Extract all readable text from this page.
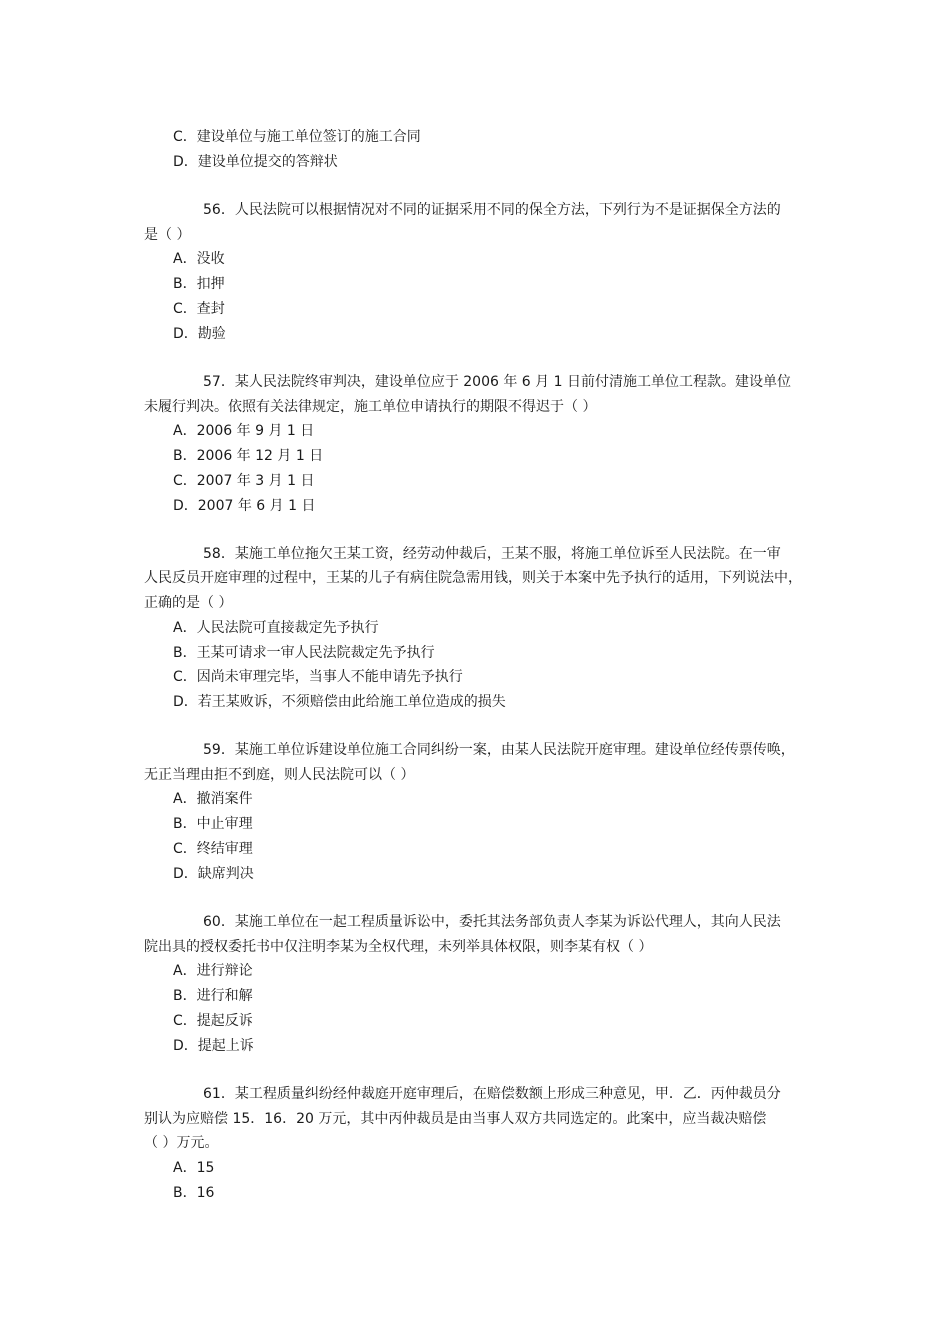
C．建设单位与施工单位签订的施工合同
D．建设单位提交的答辩状
56．人民法院可以根据情况对不同的证据采用不同的保全方法，下列行为不是证据保全方法的
是（ ）
A．没收
B．扣押
C．查封
D．勘验
57．某人民法院终审判决，建设单位应于 2006 年 6 月 1 日前付清施工单位工程款。建设单位
未履行判决。依照有关法律规定，施工单位申请执行的期限不得迟于（ ）
A．2006 年 9 月 1 日
B．2006 年 12 月 1 日
C．2007 年 3 月 1 日
D．2007 年 6 月 1 日
58．某施工单位拖欠王某工资，经劳动仲裁后，王某不服，将施工单位诉至人民法院。在一审
人民反员开庭审理的过程中，王某的儿子有病住院急需用钱，则关于本案中先予执行的适用，下列说法中，
正确的是（ ）
A．人民法院可直接裁定先予执行
B．王某可请求一审人民法院裁定先予执行
C．因尚未审理完毕，当事人不能申请先予执行
D．若王某败诉，不须赔偿由此给施工单位造成的损失
59．某施工单位诉建设单位施工合同纠纷一案，由某人民法院开庭审理。建设单位经传票传唤，
无正当理由拒不到庭，则人民法院可以（ ）
A．撤消案件
B．中止审理
C．终结审理
D．缺席判决
60．某施工单位在一起工程质量诉讼中，委托其法务部负责人李某为诉讼代理人，其向人民法
院出具的授权委托书中仅注明李某为全权代理，未列举具体权限，则李某有权（ ）
A．进行辩论
B．进行和解
C．提起反诉
D．提起上诉
61．某工程质量纠纷经仲裁庭开庭审理后，在赔偿数额上形成三种意见，甲．乙．丙仲裁员分
别认为应赔偿 15．16．20 万元，其中丙仲裁员是由当事人双方共同选定的。此案中，应当裁决赔偿
（ ）万元。
A．15
B．16
